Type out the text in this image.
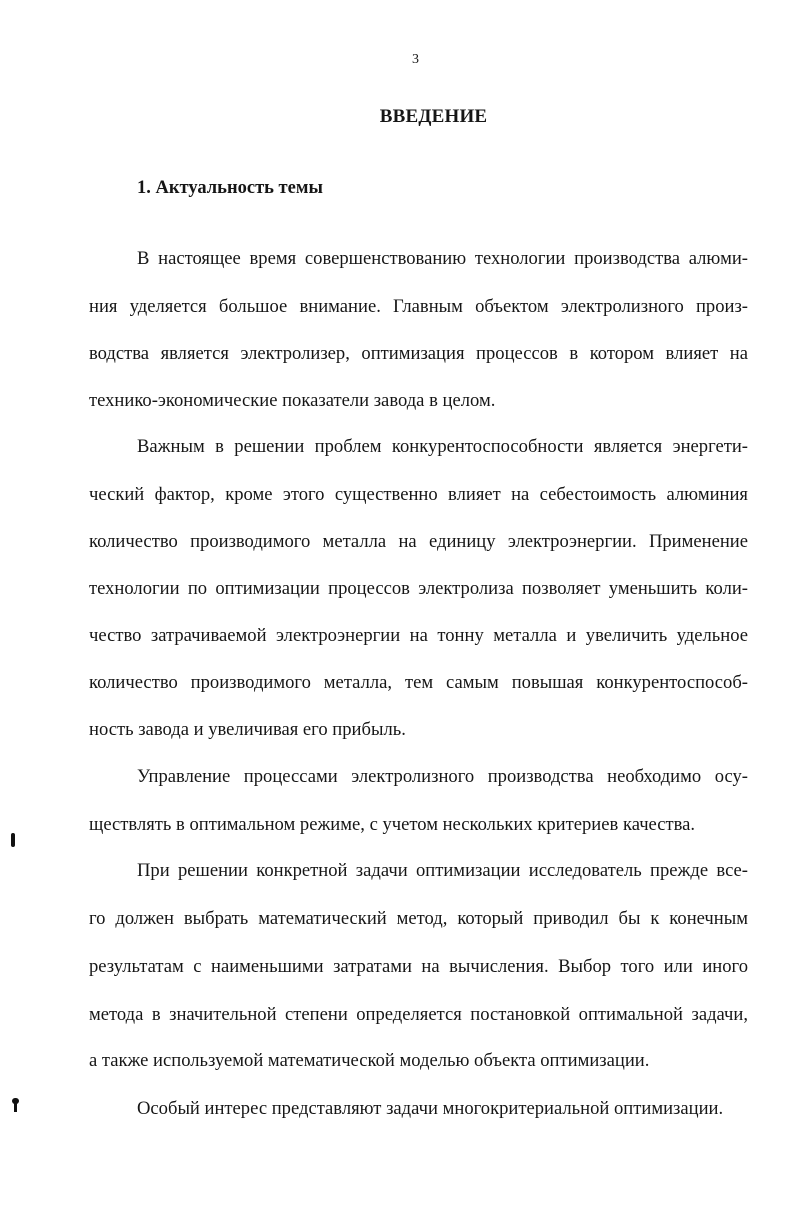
3
ВВЕДЕНИЕ
1. Актуальность темы
В настоящее время совершенствованию технологии производства алюми-
ния уделяется большое внимание. Главным объектом электролизного произ-
водства является электролизер, оптимизация процессов в котором влияет на
технико-экономические показатели завода в целом.
Важным в решении проблем конкурентоспособности является энергети-
ческий фактор, кроме этого существенно влияет на себестоимость алюминия
количество производимого металла на единицу электроэнергии. Применение
технологии по оптимизации процессов электролиза позволяет уменьшить коли-
чество затрачиваемой электроэнергии на тонну металла и увеличить удельное
количество производимого металла, тем самым повышая конкурентоспособ-
ность завода и увеличивая его прибыль.
Управление процессами электролизного производства необходимо осу-
ществлять в оптимальном режиме, с учетом нескольких критериев качества.
При решении конкретной задачи оптимизации исследователь прежде все-
го должен выбрать математический метод, который приводил бы к конечным
результатам с наименьшими затратами на вычисления. Выбор того или иного
метода в значительной степени определяется постановкой оптимальной задачи,
а также используемой математической моделью объекта оптимизации.
Особый интерес представляют задачи многокритериальной оптимизации.
